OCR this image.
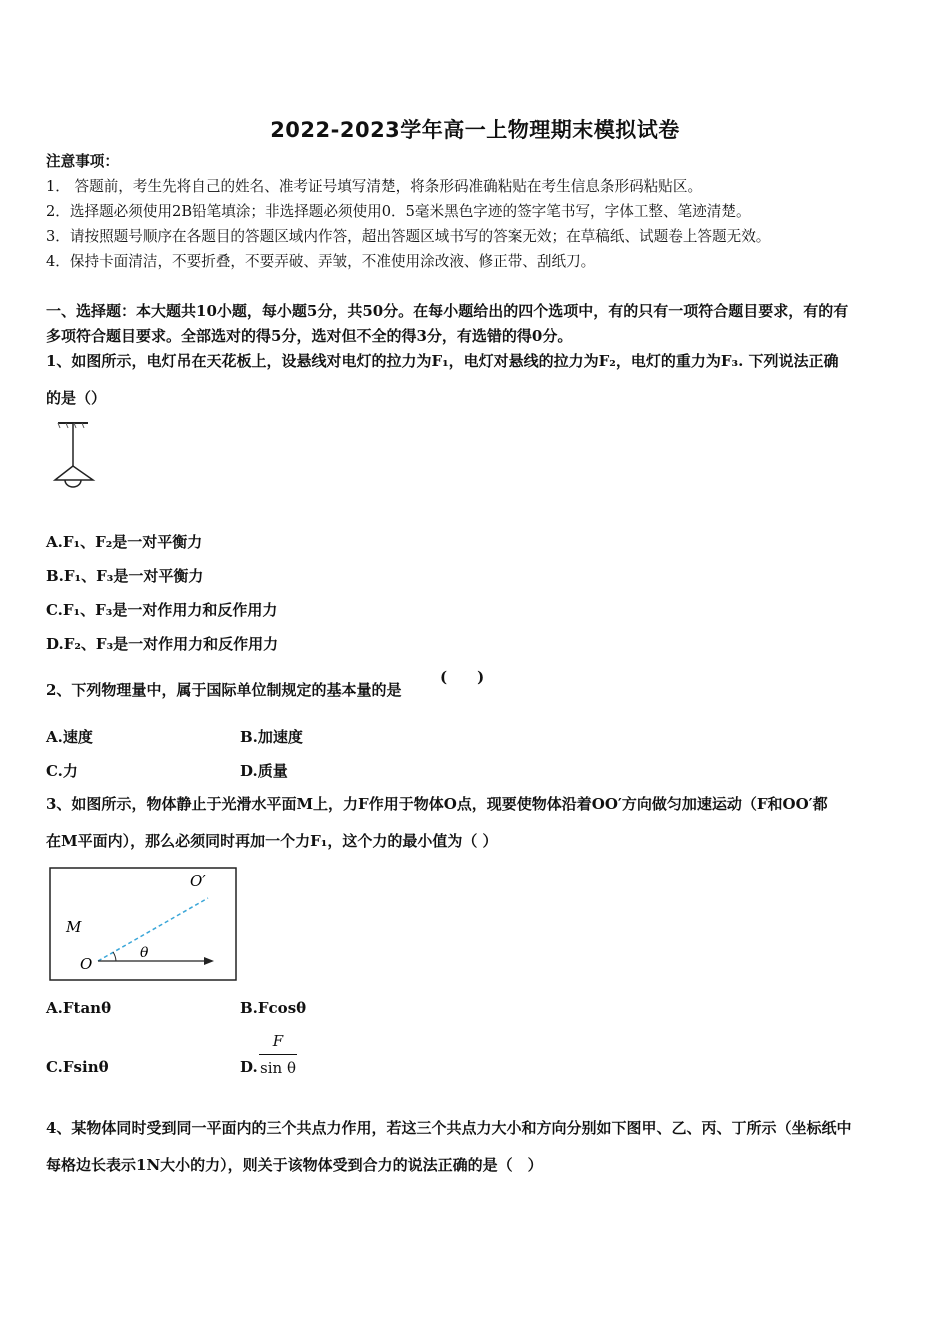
2022-2023学年高一上物理期末模拟试卷
注意事项：
1． 答题前，考生先将自己的姓名、准考证号填写清楚，将条形码准确粘贴在考生信息条形码粘贴区。
2．选择题必须使用2B铅笔填涂；非选择题必须使用0．5毫米黑色字迹的签字笔书写，字体工整、笔迹清楚。
3．请按照题号顺序在各题目的答题区域内作答，超出答题区域书写的答案无效；在草稿纸、试题卷上答题无效。
4．保持卡面清洁，不要折叠，不要弄破、弄皱，不准使用涂改液、修正带、刮纸刀。
一、选择题：本大题共10小题，每小题5分，共50分。在每小题给出的四个选项中，有的只有一项符合题目要求，有的有
多项符合题目要求。全部选对的得5分，选对但不全的得3分，有选错的得0分。
1、如图所示，电灯吊在天花板上，设悬线对电灯的拉力为F₁，电灯对悬线的拉力为F₂，电灯的重力为F₃. 下列说法正确
的是（）
A.F₁、F₂是一对平衡力
B.F₁、F₃是一对平衡力
C.F₁、F₃是一对作用力和反作用力
D.F₂、F₃是一对作用力和反作用力
2、下列物理量中，属于国际单位制规定的基本量的是
(　　)
A.速度	B.加速度
C.力	D.质量
3、如图所示，物体静止于光滑水平面M上，力F作用于物体O点，现要使物体沿着OO′方向做匀加速运动（F和OO′都
在M平面内），那么必须同时再加一个力F₁，这个力的最小值为（ ）
M
O
O′
θ
A.Ftanθ	B.Fcosθ
C.Fsinθ	D.
F
sin θ
4、某物体同时受到同一平面内的三个共点力作用，若这三个共点力大小和方向分别如下图甲、乙、丙、丁所示（坐标纸中
每格边长表示1N大小的力），则关于该物体受到合力的说法正确的是（　）
